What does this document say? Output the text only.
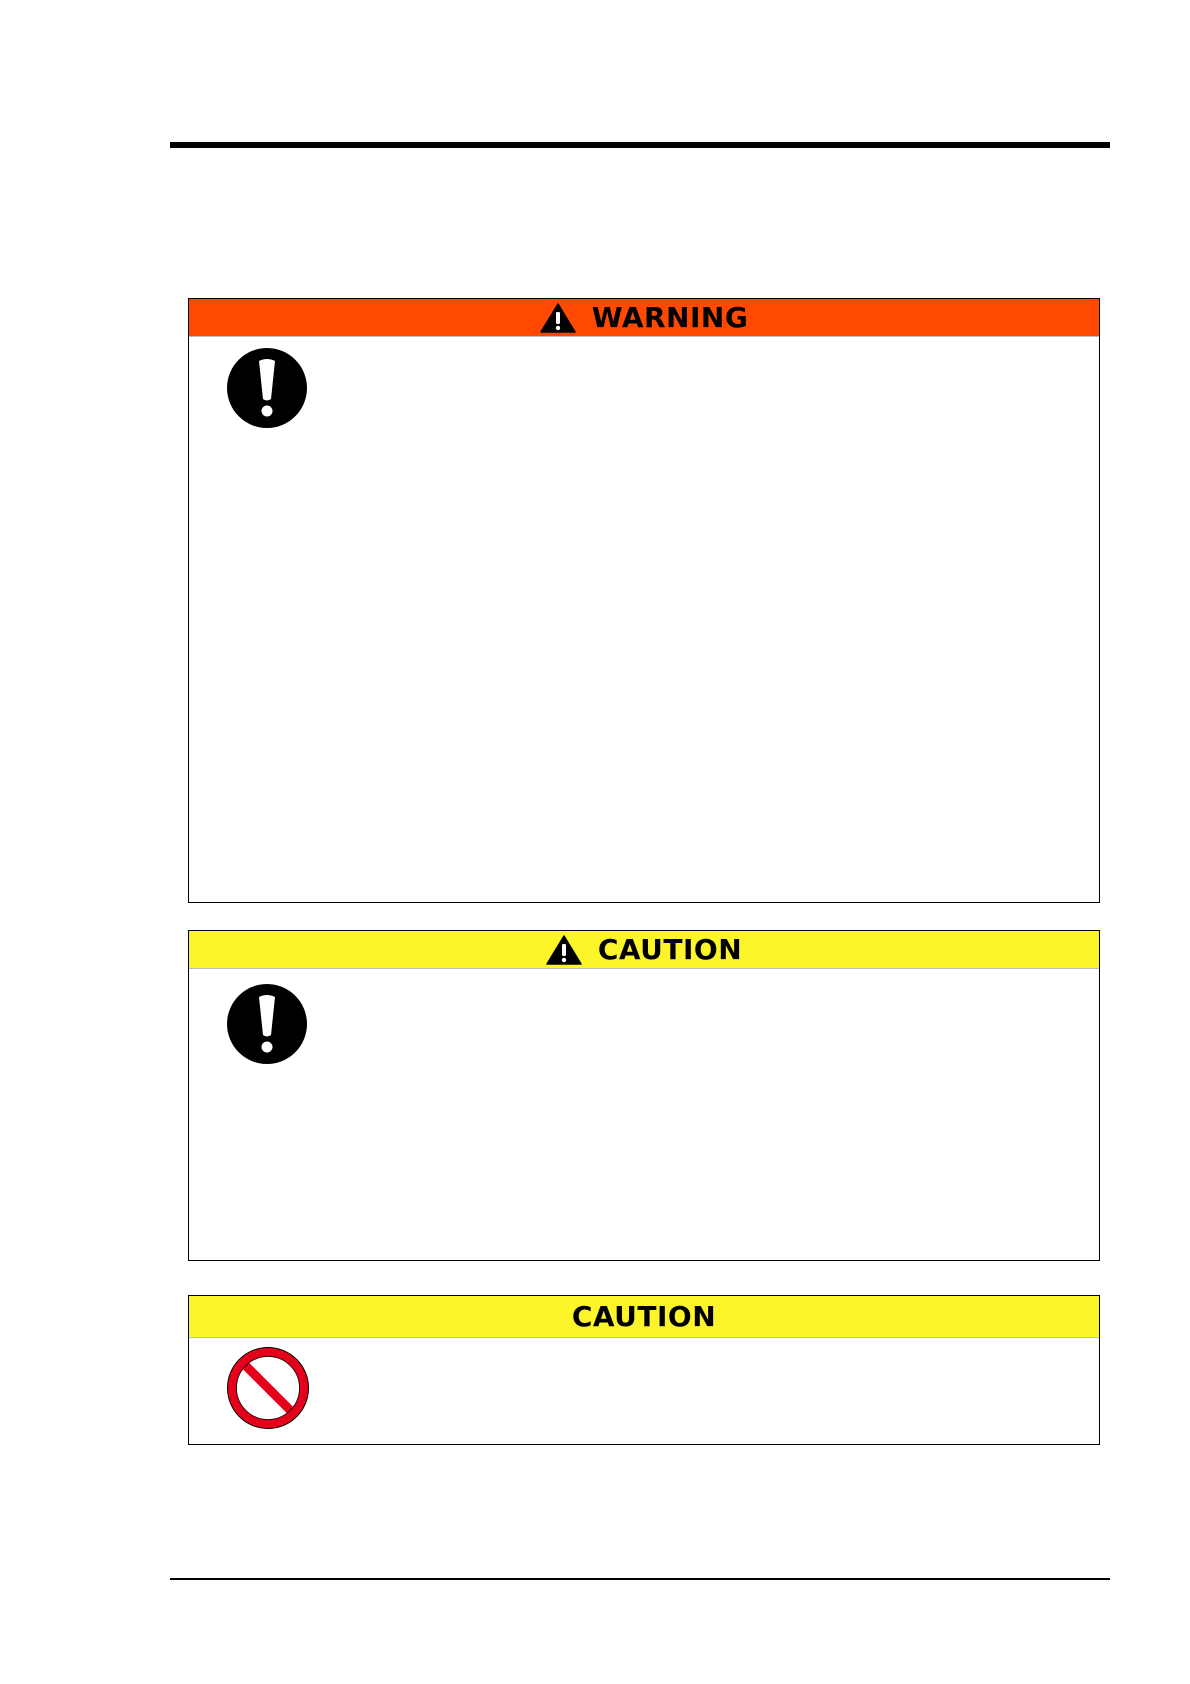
WARNING
CAUTION
CAUTION
